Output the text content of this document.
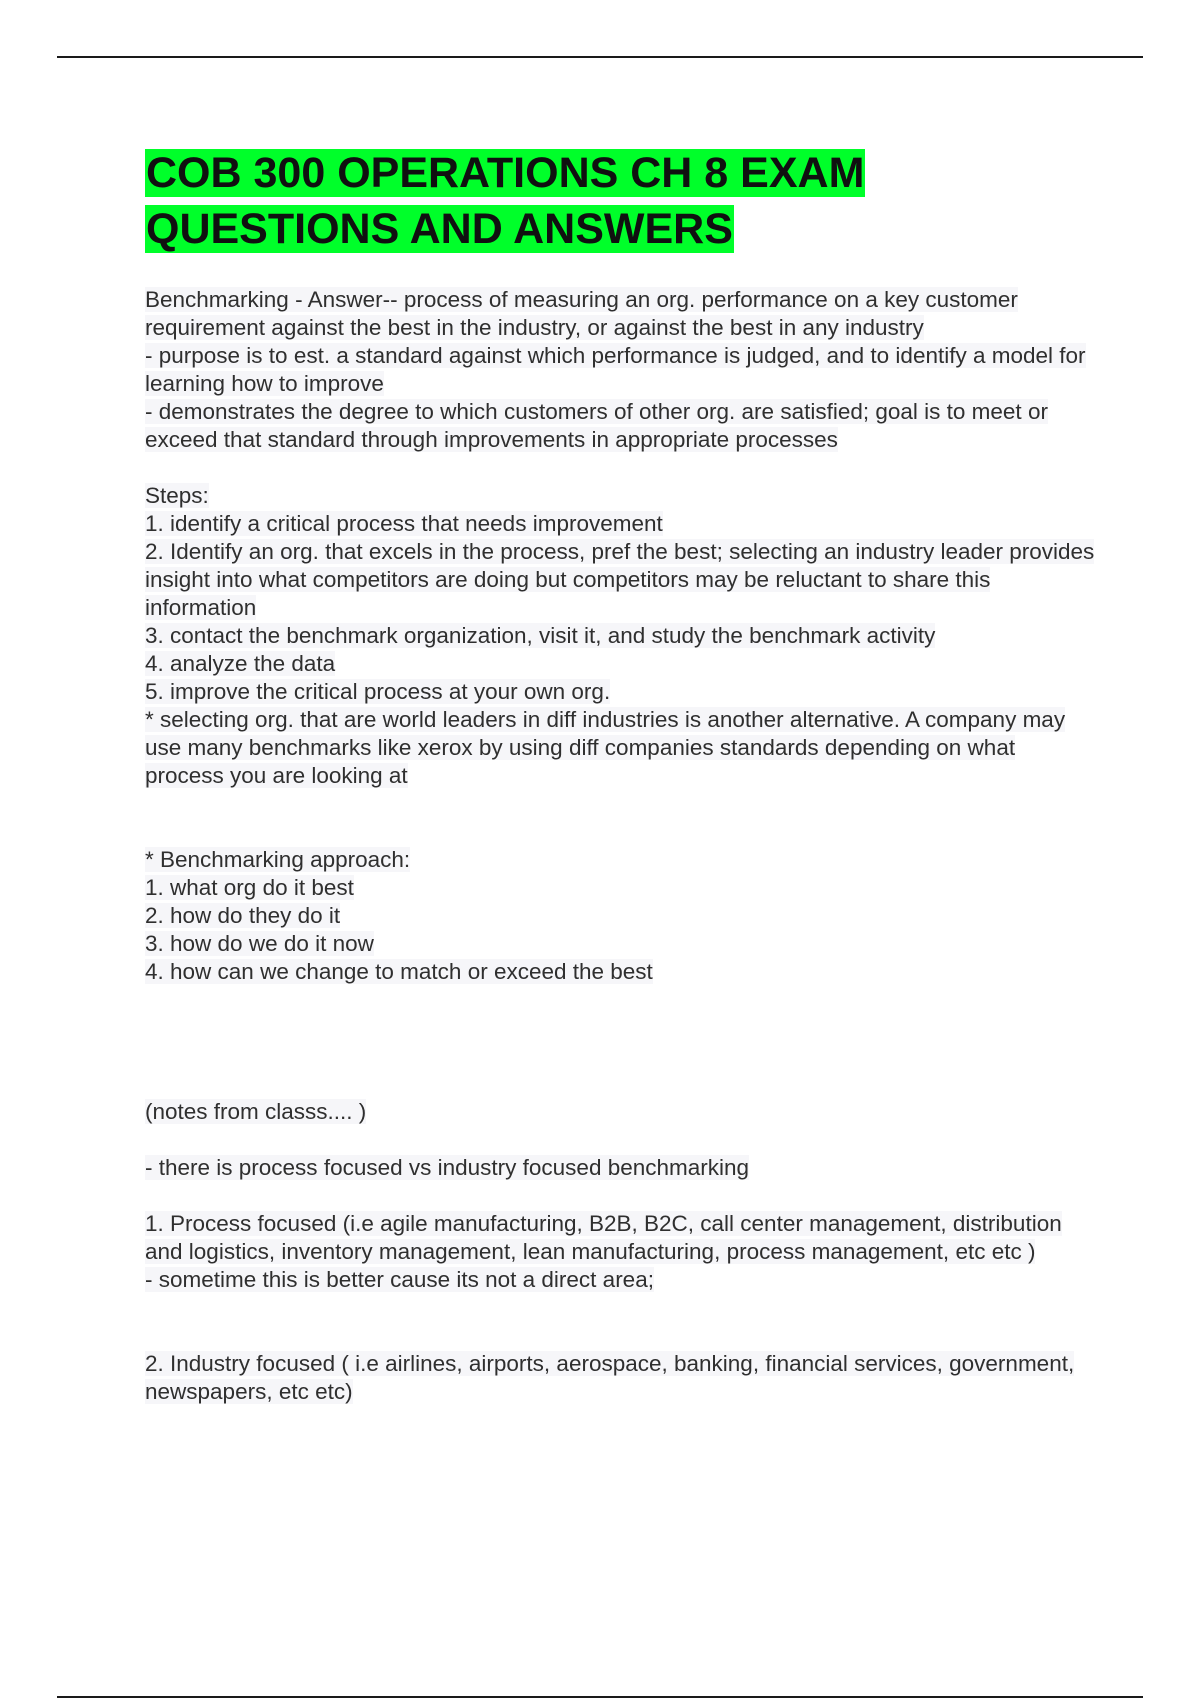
COB 300 OPERATIONS CH 8 EXAM QUESTIONS AND ANSWERS
Benchmarking - Answer-- process of measuring an org. performance on a key customer requirement against the best in the industry, or against the best in any industry
- purpose is to est. a standard against which performance is judged, and to identify a model for learning how to improve
- demonstrates the degree to which customers of other org. are satisfied; goal is to meet or exceed that standard through improvements in appropriate processes
Steps:
1. identify a critical process that needs improvement
2. Identify an org. that excels in the process, pref the best; selecting an industry leader provides insight into what competitors are doing but competitors may be reluctant to share this information
3. contact the benchmark organization, visit it, and study the benchmark activity
4. analyze the data
5. improve the critical process at your own org.
* selecting org. that are world leaders in diff industries is another alternative. A company may use many benchmarks like xerox by using diff companies standards depending on what process you are looking at
* Benchmarking approach:
1. what org do it best
2. how do they do it
3. how do we do it now
4. how can we change to match or exceed the best
(notes from classs.... )
- there is process focused vs industry focused benchmarking
1. Process focused (i.e agile manufacturing, B2B, B2C, call center management, distribution and logistics, inventory management, lean manufacturing, process management, etc etc )
- sometime this is better cause its not a direct area;
2. Industry focused ( i.e airlines, airports, aerospace, banking, financial services, government, newspapers, etc etc)
